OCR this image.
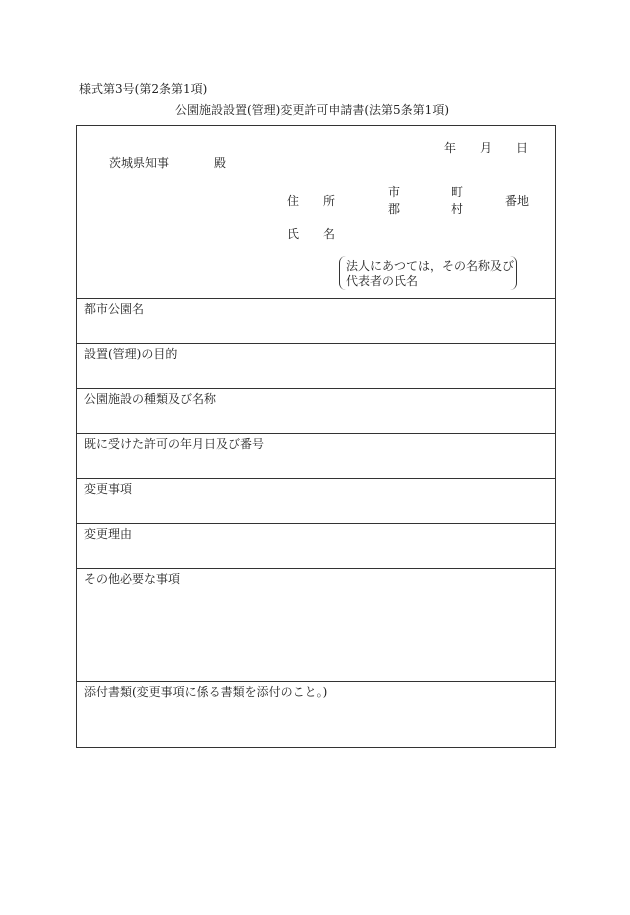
様式第3号(第2条第1項)
公園施設設置(管理)変更許可申請書(法第5条第1項)
年 月 日
茨城県知事	殿
住 所
市
郡
町
村
番地
氏 名
法人にあつては，その名称及び
代表者の氏名
都市公園名
設置(管理)の目的
公園施設の種類及び名称
既に受けた許可の年月日及び番号
変更事項
変更理由
その他必要な事項
添付書類(変更事項に係る書類を添付のこと。)
